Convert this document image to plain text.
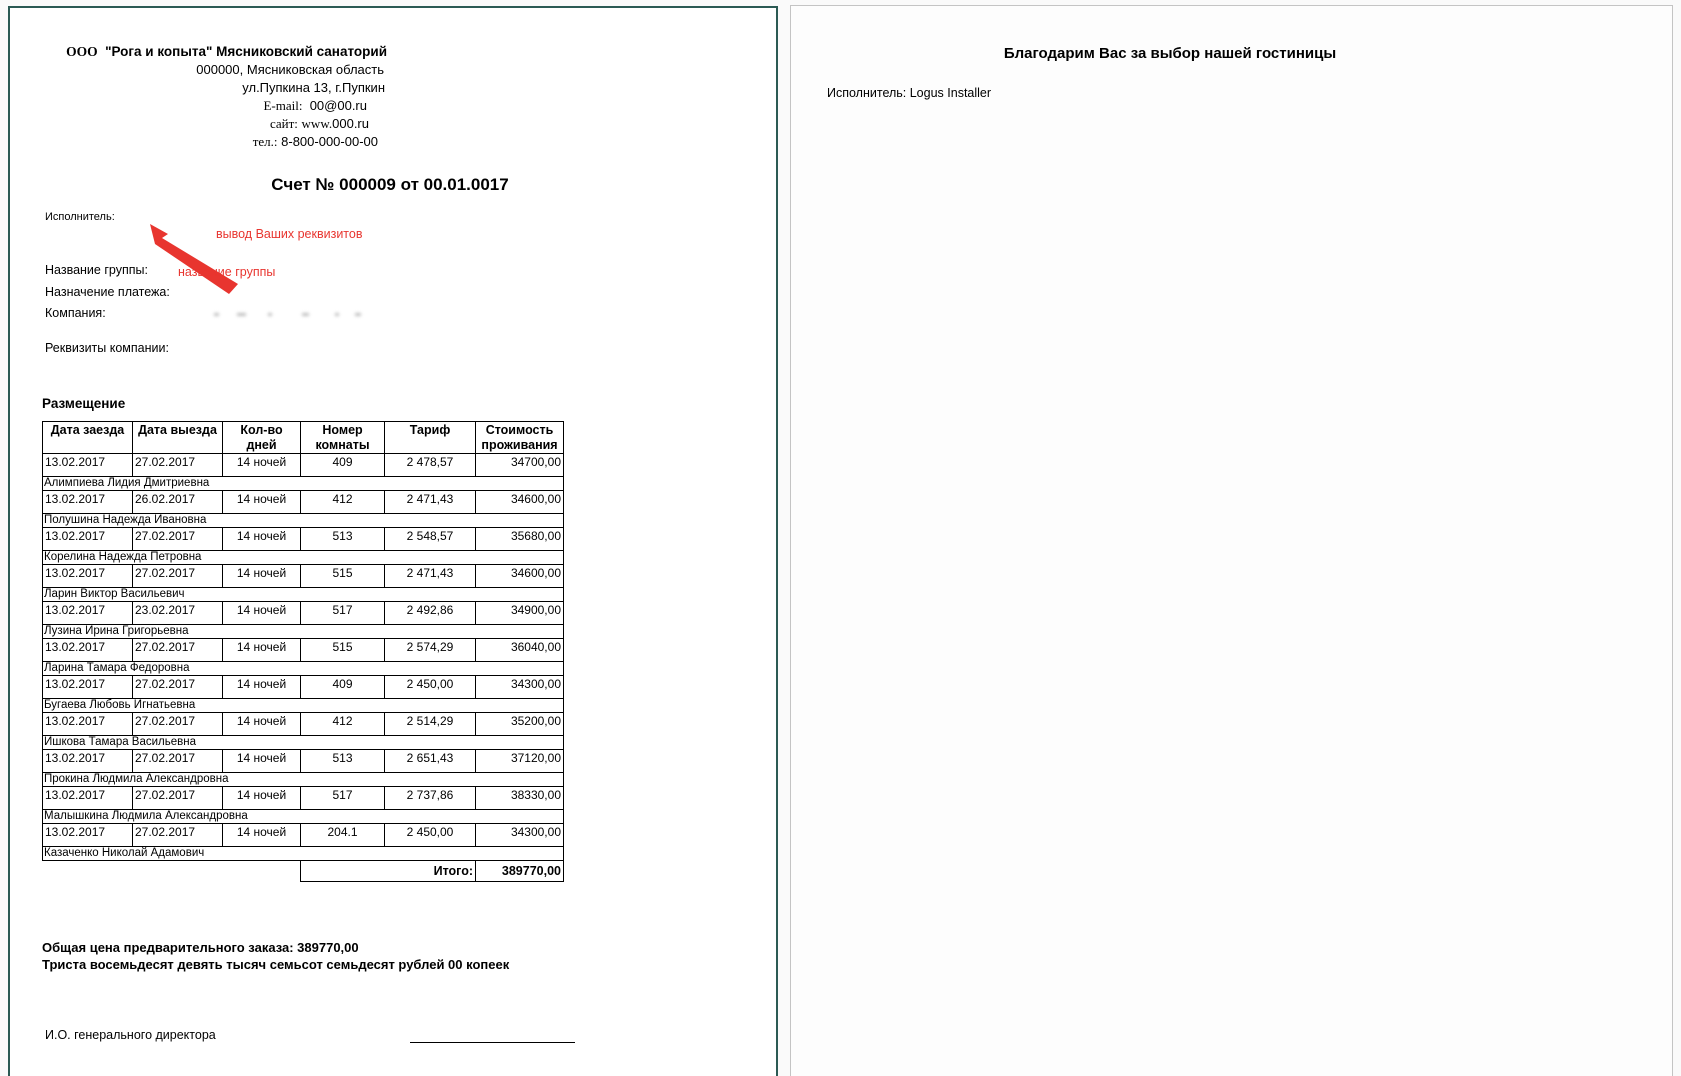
ООО "Рога и копыта" Мясниковский санаторий
000000, Мясниковская область
ул.Пупкина 13, г.Пупкин
E-mail: 00@00.ru
сайт: www.000.ru
тел.: 8-800-000-00-00
Счет № 000009 от 00.01.0017
Исполнитель:
вывод Ваших реквизитов
Название группы: название группы
Назначение платежа:
Компания:
Реквизиты компании:
Размещение
Дата заезда	Дата выезда	Кол-во дней	Номер комнаты	Тариф	Стоимость проживания
13.02.2017	27.02.2017	14 ночей	409	2 478,57	34700,00
Алимпиева Лидия Дмитриевна					
13.02.2017	26.02.2017	14 ночей	412	2 471,43	34600,00
Полушина Надежда Ивановна					
13.02.2017	27.02.2017	14 ночей	513	2 548,57	35680,00
Корелина Надежда Петровна					
13.02.2017	27.02.2017	14 ночей	515	2 471,43	34600,00
Ларин Виктор Васильевич					
13.02.2017	23.02.2017	14 ночей	517	2 492,86	34900,00
Лузина Ирина Григорьевна					
13.02.2017	27.02.2017	14 ночей	515	2 574,29	36040,00
Ларина Тамара Федоровна					
13.02.2017	27.02.2017	14 ночей	409	2 450,00	34300,00
Бугаева Любовь Игнатьевна					
13.02.2017	27.02.2017	14 ночей	412	2 514,29	35200,00
Ишкова Тамара Васильевна					
13.02.2017	27.02.2017	14 ночей	513	2 651,43	37120,00
Прокина Людмила Александровна					
13.02.2017	27.02.2017	14 ночей	517	2 737,86	38330,00
Малышкина Людмила Александровна					
13.02.2017	27.02.2017	14 ночей	204.1	2 450,00	34300,00
Казаченко Николай Адамович					
			Итого:		389770,00
Общая цена предварительного заказа: 389770,00
Триста восемьдесят девять тысяч семьсот семьдесят рублей 00 копеек
И.О. генерального директора
Благодарим Вас за выбор нашей гостиницы
Исполнитель: Logus Installer
